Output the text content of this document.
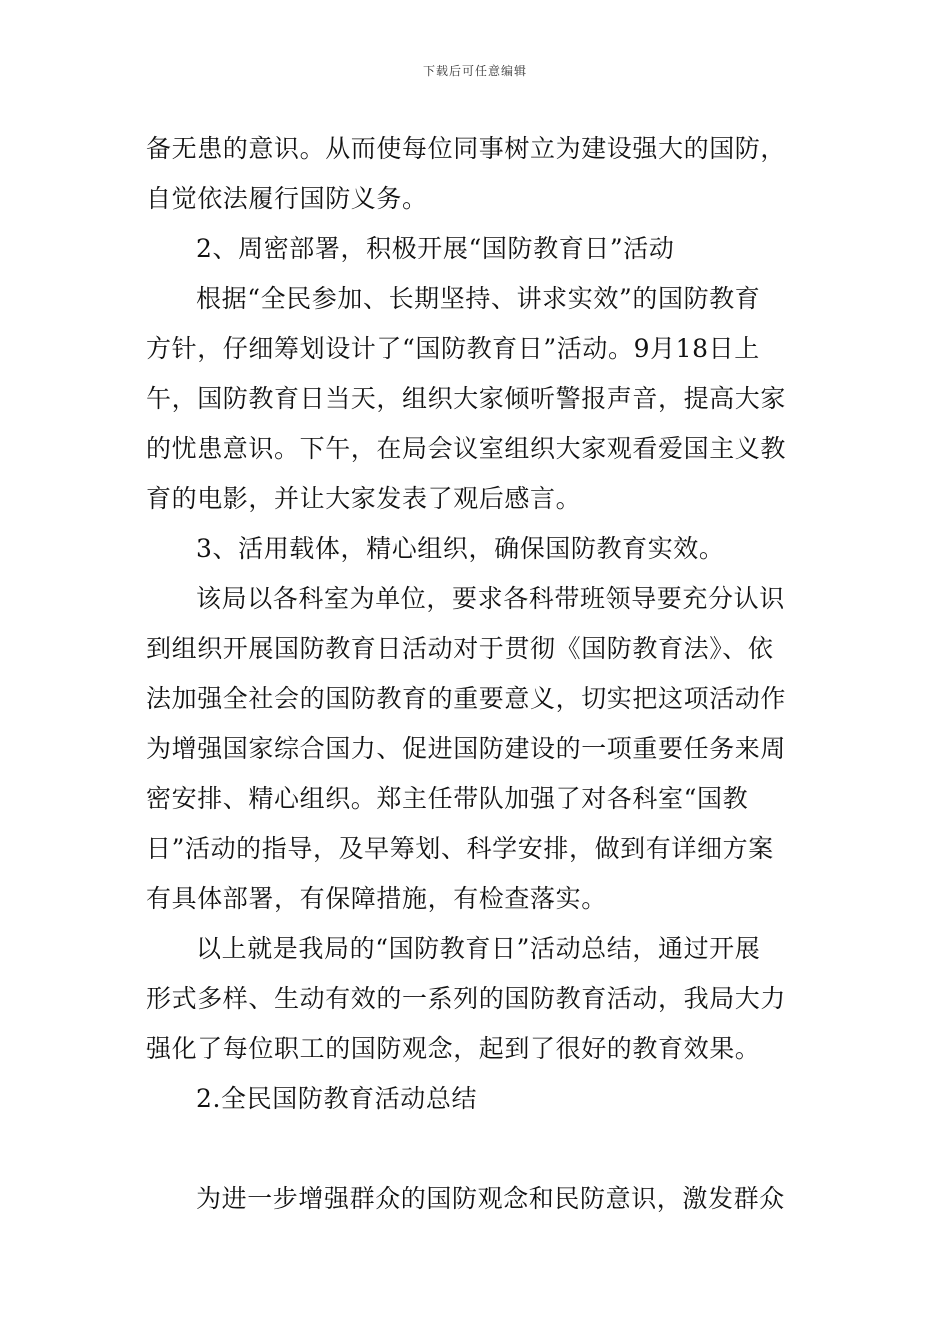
下载后可任意编辑
备无患的意识。从而使每位同事树立为建设强大的国防，
自觉依法履行国防义务。
2、周密部署，积极开展“国防教育日”活动
根据“全民参加、长期坚持、讲求实效”的国防教育
方针，仔细筹划设计了“国防教育日”活动。9月18日上
午，国防教育日当天，组织大家倾听警报声音，提高大家
的忧患意识。下午，在局会议室组织大家观看爱国主义教
育的电影，并让大家发表了观后感言。
3、活用载体，精心组织，确保国防教育实效。
该局以各科室为单位，要求各科带班领导要充分认识
到组织开展国防教育日活动对于贯彻《国防教育法》、依
法加强全社会的国防教育的重要意义，切实把这项活动作
为增强国家综合国力、促进国防建设的一项重要任务来周
密安排、精心组织。郑主任带队加强了对各科室“国教
日”活动的指导，及早筹划、科学安排，做到有详细方案
有具体部署，有保障措施，有检查落实。
以上就是我局的“国防教育日”活动总结，通过开展
形式多样、生动有效的一系列的国防教育活动，我局大力
强化了每位职工的国防观念，起到了很好的教育效果。
2.全民国防教育活动总结
为进一步增强群众的国防观念和民防意识，激发群众
